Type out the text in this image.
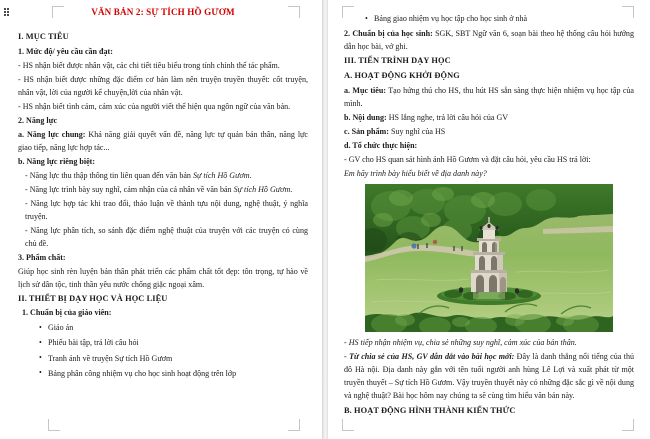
VĂN BẢN 2: SỰ TÍCH HỒ GƯƠM
I. MỤC TIÊU
1. Mức độ/ yêu cầu cần đạt:

- HS nhận biết được nhân vật, các chi tiết tiêu biểu trong tính chỉnh thể tác phẩm.

- HS nhận biết được những đặc điểm cơ bản làm nên truyện truyền thuyết: cốt truyện, nhân vật, lời của người kể chuyện,lời của nhân vật.

- HS nhận biết tình cảm, cảm xúc của người viết thể hiện qua ngôn ngữ của văn bản.

2. Năng lực

a. Năng lực chung: Khả năng giải quyết vấn đề, năng lực tự quản bản thân, năng lực giao tiếp, năng lực hợp tác...

b. Năng lực riêng biệt:

- Năng lực thu thập thông tin liên quan đến văn bản Sự tích Hồ Gươm.

- Năng lực trình bày suy nghĩ, cảm nhận của cá nhân về văn bản Sự tích Hồ Gươm.

- Năng lực hợp tác khi trao đổi, thảo luận về thành tựu nội dung, nghệ thuật, ý nghĩa truyện.

- Năng lực phân tích, so sánh đặc điểm nghệ thuật của truyện với các truyện có cùng chủ đề.

3. Phẩm chất:

Giúp học sinh rèn luyện bản thân phát triển các phẩm chất tốt đẹp: tôn trọng, tự hào về lịch sử dân tộc, tinh thần yêu nước chống giặc ngoại xâm.

II. THIẾT BỊ DẠY HỌC VÀ HỌC LIỆU
1. Chuẩn bị của giáo viên:
• Giáo án
• Phiếu bài tập, trả lời câu hỏi
• Tranh ảnh về truyện Sự tích Hồ Gươm
• Bảng phân công nhiệm vụ cho học sinh hoạt động trên lớp
• Bảng giao nhiệm vụ học tập cho học sinh ở nhà

2. Chuẩn bị của học sinh: SGK, SBT Ngữ văn 6, soạn bài theo hệ thống câu hỏi hướng dẫn học bài, vở ghi.

III. TIẾN TRÌNH DẠY HỌC
A. HOẠT ĐỘNG KHỞI ĐỘNG

a. Mục tiêu: Tạo hứng thú cho HS, thu hút HS sẵn sàng thực hiện nhiệm vụ học tập của mình.

b. Nội dung: HS lắng nghe, trả lời câu hỏi của GV

c. Sản phẩm: Suy nghĩ của HS

d. Tổ chức thực hiện:

- GV cho HS quan sát hình ảnh Hồ Gươm và đặt câu hỏi, yêu cầu HS trả lời:

Em hãy trình bày hiểu biết về địa danh này?

- HS tiếp nhận nhiệm vụ, chia sẻ những suy nghĩ, cảm xúc của bản thân.

- Từ chia sẻ của HS, GV dẫn dắt vào bài học mới: Đây là danh thắng nổi tiếng của thủ đô Hà nội. Địa danh này gắn với tên tuổi người anh hùng Lê Lợi và xuất phát từ một truyền thuyết – Sự tích Hồ Gươm. Vậy truyền thuyết này có những đặc sắc gì về nội dung và nghệ thuật? Bài học hôm nay chúng ta sẽ cùng tìm hiểu văn bản này.

B. HOẠT ĐỘNG HÌNH THÀNH KIẾN THỨC
